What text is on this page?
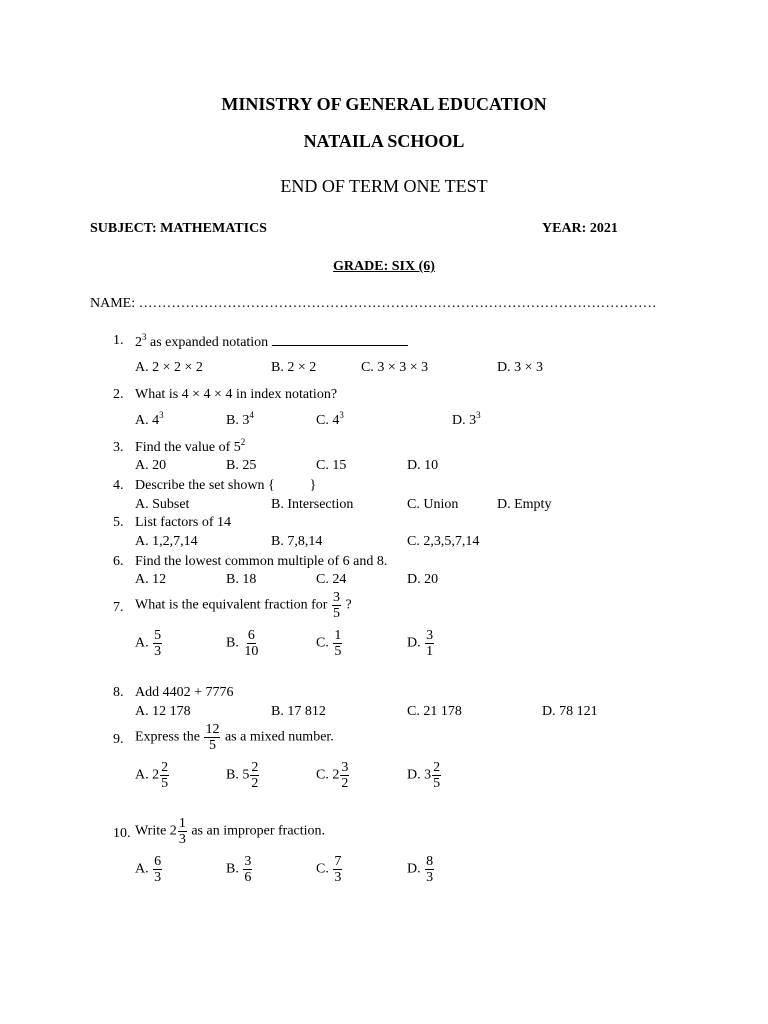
MINISTRY OF GENERAL EDUCATION
NATAILA SCHOOL
END OF TERM ONE TEST
SUBJECT: MATHEMATICS	YEAR: 2021
GRADE: SIX (6)
NAME: …………………………………………………………………………………………………
1. $2^3$ as expanded notation
A. 2 × 2 × 2	B. 2 × 2	C. 3 × 3 × 3	D. 3 × 3
2. What is 4 × 4 × 4 in index notation?
A. $4^3$	B. $3^4$	C. $4^3$	D. $3^3$
3. Find the value of $5^2$
A. 20	B. 25	C. 15	D. 10
4. Describe the set shown {          }
A. Subset	B. Intersection	C. Union	D. Empty
5. List factors of 14
A. 1,2,7,14	B. 7,8,14	C. 2,3,5,7,14
6. Find the lowest common multiple of 6 and 8.
A. 12	B. 18	C. 24	D. 20
7. What is the equivalent fraction for $\frac{3}{5}$ ?
A. $\frac{5}{3}$	B. $\frac{6}{10}$	C. $\frac{1}{5}$	D. $\frac{3}{1}$
8. Add 4402 + 7776
A. 12 178	B. 17 812	C. 21 178	D. 78 121
9. Express the $\frac{12}{5}$ as a mixed number.
A. $2 \frac{2}{5}$	B. $5 \frac{2}{2}$	C. $2 \frac{3}{2}$	D. $3 \frac{2}{5}$
10. Write $2 \frac{1}{3}$ as an improper fraction.
A. $\frac{6}{3}$	B. $\frac{3}{6}$	C. $\frac{7}{3}$	D. $\frac{8}{3}$
